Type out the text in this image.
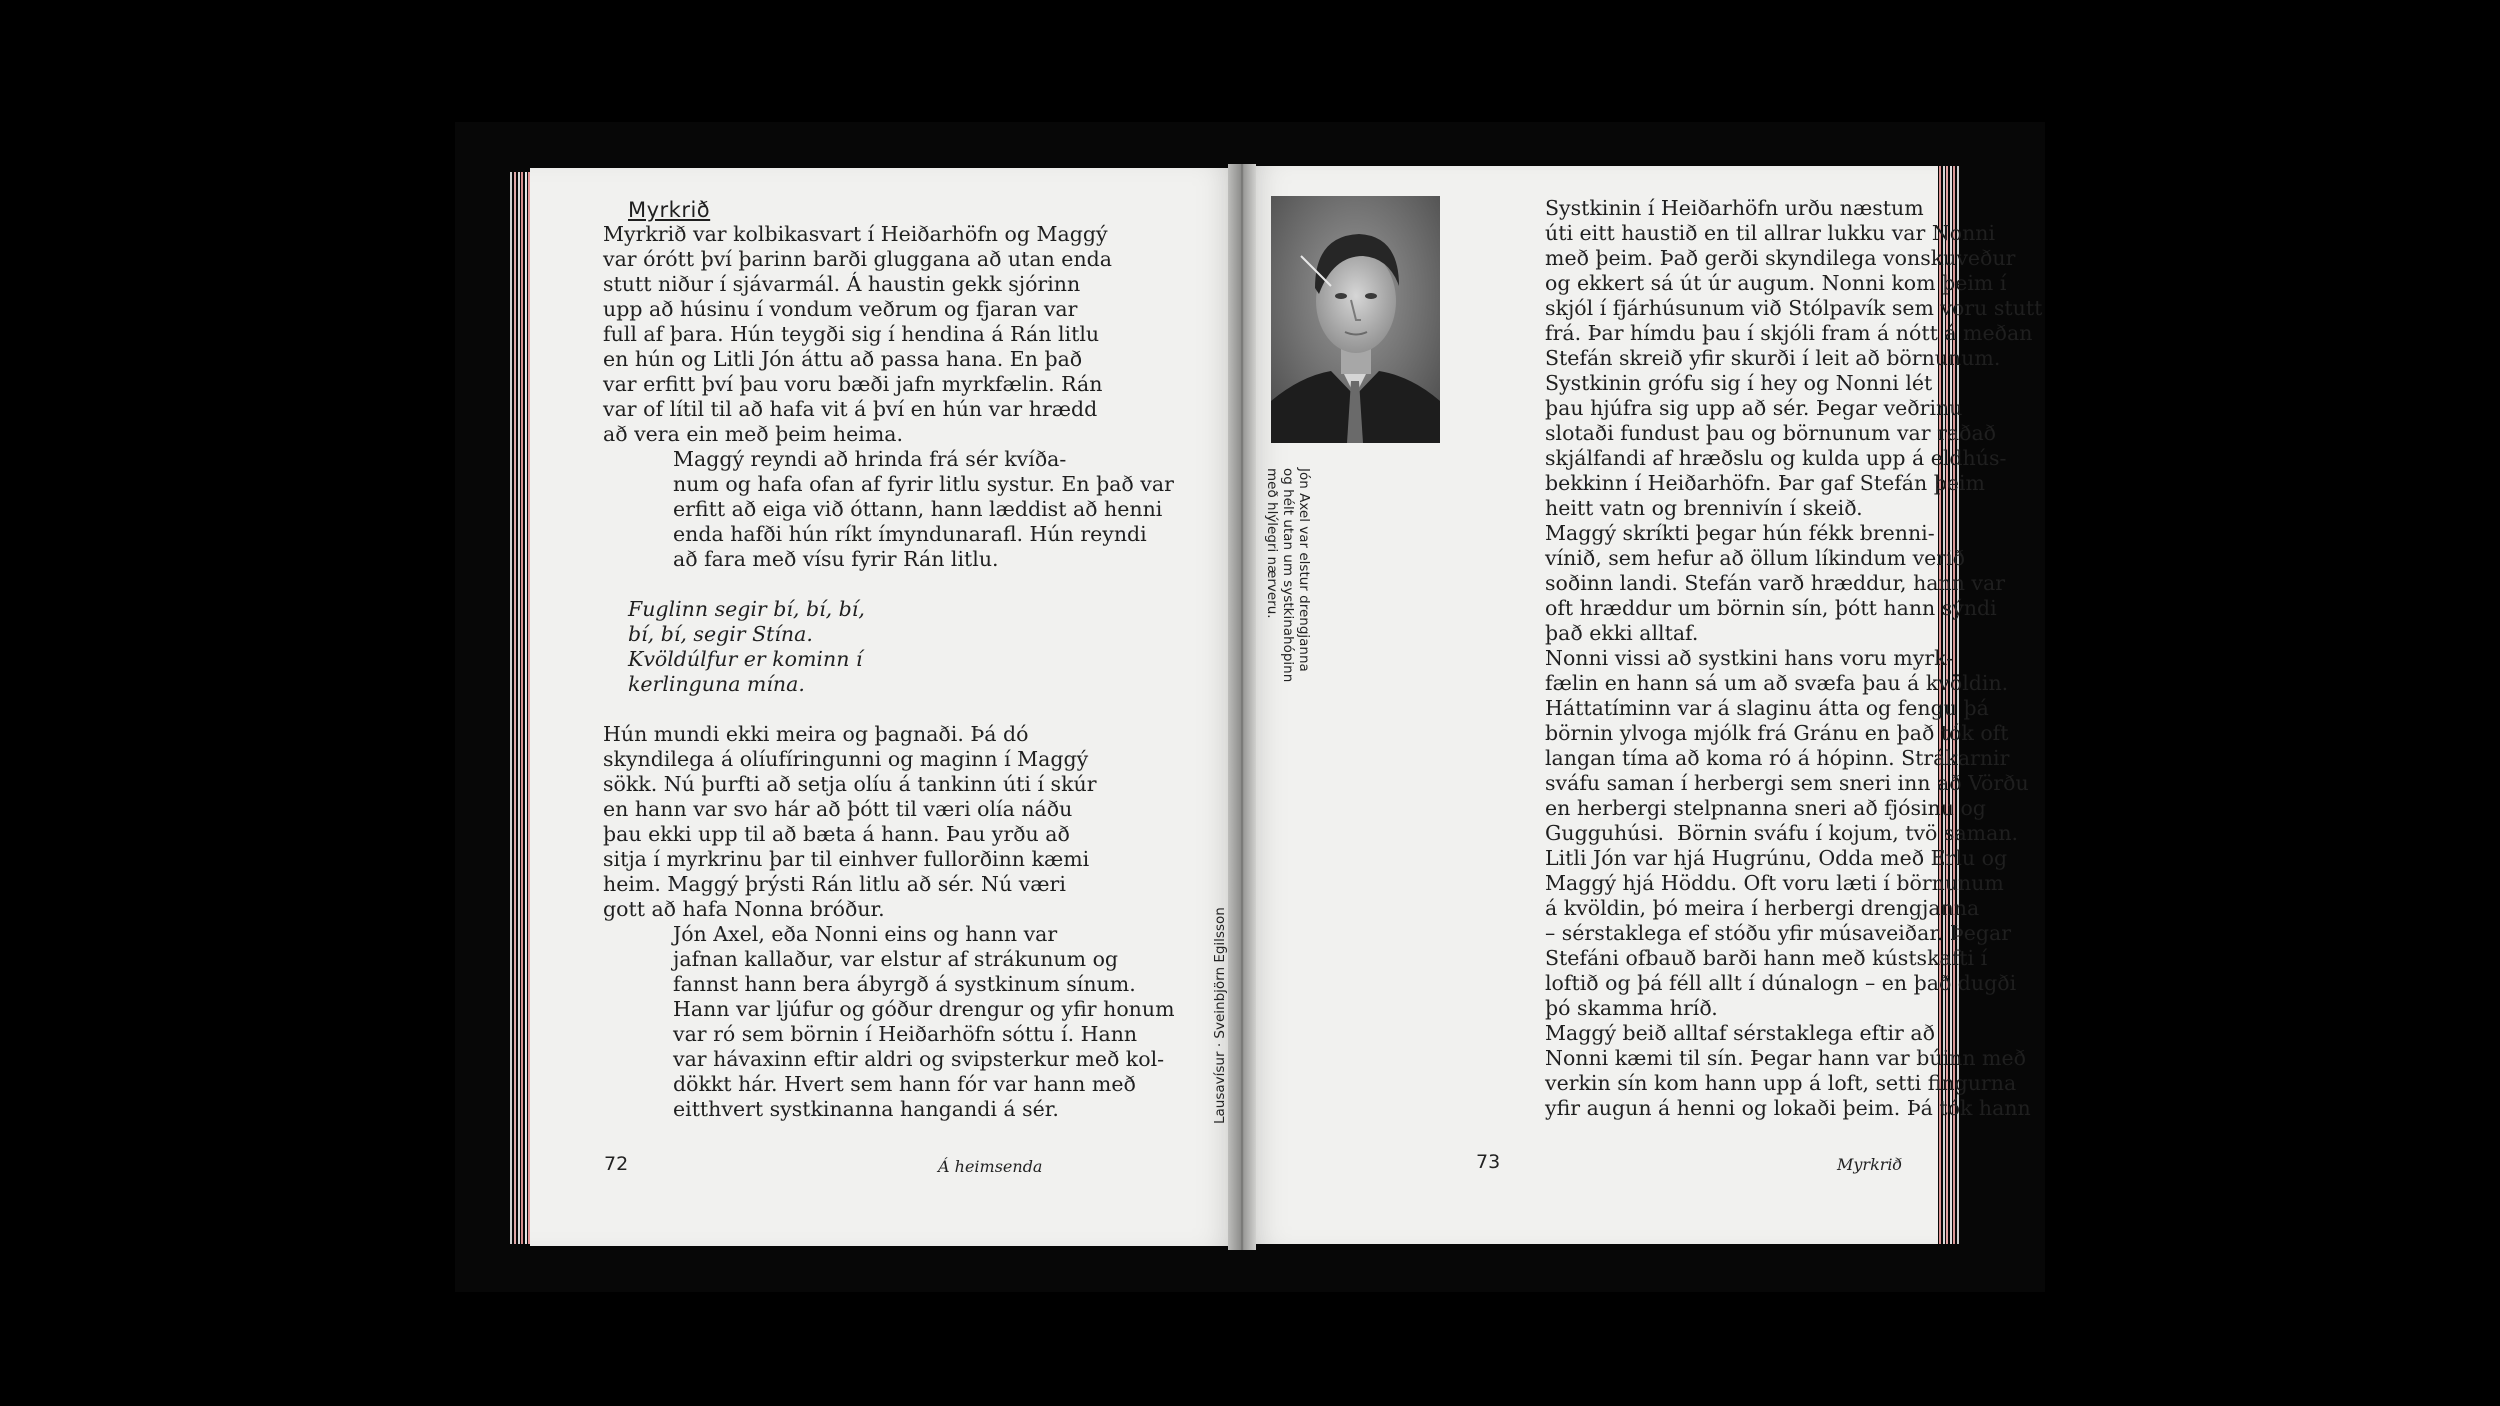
Myrkrið

Myrkrið var kolbikasvart í Heiðarhöfn og Maggý
var órótt því þarinn barði gluggana að utan enda
stutt niður í sjávarmál. Á haustin gekk sjórinn
upp að húsinu í vondum veðrum og fjaran var
full af þara. Hún teygði sig í hendina á Rán litlu
en hún og Litli Jón áttu að passa hana. En það
var erfitt því þau voru bæði jafn myrkfælin. Rán
var of lítil til að hafa vit á því en hún var hrædd
að vera ein með þeim heima.

Maggý reyndi að hrinda frá sér kvíða-
num og hafa ofan af fyrir litlu systur. En það var
erfitt að eiga við óttann, hann læddist að henni
enda hafði hún ríkt ímyndunarafl. Hún reyndi
að fara með vísu fyrir Rán litlu.

Fuglinn segir bí, bí, bí,
bí, bí, segir Stína.
Kvöldúlfur er kominn í
kerlinguna mína.

Hún mundi ekki meira og þagnaði. Þá dó
skyndilega á olíufíringunni og maginn í Maggý
sökk. Nú þurfti að setja olíu á tankinn úti í skúr
en hann var svo hár að þótt til væri olía náðu
þau ekki upp til að bæta á hann. Þau yrðu að
sitja í myrkrinu þar til einhver fullorðinn kæmi
heim. Maggý þrýsti Rán litlu að sér. Nú væri
gott að hafa Nonna bróður.

Jón Axel, eða Nonni eins og hann var
jafnan kallaður, var elstur af strákunum og
fannst hann bera ábyrgð á systkinum sínum.
Hann var ljúfur og góður drengur og yfir honum
var ró sem börnin í Heiðarhöfn sóttu í. Hann
var hávaxinn eftir aldri og svipsterkur með kol-
dökkt hár. Hvert sem hann fór var hann með
eitthvert systkinanna hangandi á sér.

72	Á heimsenda
Lausavísur · Sveinbjörn Egilsson
Jón Axel var elstur drengjanna
og hélt utan um systkinahópinn
með hlýlegri nærveru.

Systkinin í Heiðarhöfn urðu næstum
úti eitt haustið en til allrar lukku var Nonni
með þeim. Það gerði skyndilega vonskuveður
og ekkert sá út úr augum. Nonni kom þeim í
skjól í fjárhúsunum við Stólpavík sem voru stutt
frá. Þar hímdu þau í skjóli fram á nótt á meðan
Stefán skreið yfir skurði í leit að börnunum.

Systkinin grófu sig í hey og Nonni lét
þau hjúfra sig upp að sér. Þegar veðrinu
slotaði fundust þau og börnunum var raðað
skjálfandi af hræðslu og kulda upp á eldhús-
bekkinn í Heiðarhöfn. Þar gaf Stefán þeim
heitt vatn og brennivín í skeið.

Maggý skríkti þegar hún fékk brenni-
vínið, sem hefur að öllum líkindum verið
soðinn landi. Stefán varð hræddur, hann var
oft hræddur um börnin sín, þótt hann sýndi
það ekki alltaf.

Nonni vissi að systkini hans voru myrk-
fælin en hann sá um að svæfa þau á kvöldin.
Háttatíminn var á slaginu átta og fengu þá
börnin ylvoga mjólk frá Gránu en það tók oft
langan tíma að koma ró á hópinn. Strákarnir
sváfu saman í herbergi sem sneri inn að Vörðu
en herbergi stelpnanna sneri að fjósinu og
Gugguhúsi.  Börnin sváfu í kojum, tvö saman.
Litli Jón var hjá Hugrúnu, Odda með Erlu og
Maggý hjá Höddu. Oft voru læti í börnunum
á kvöldin, þó meira í herbergi drengjanna
– sérstaklega ef stóðu yfir músaveiðar. Þegar
Stefáni ofbauð barði hann með kústskafti í
loftið og þá féll allt í dúnalogn – en það dugði
þó skamma hríð.

Maggý beið alltaf sérstaklega eftir að
Nonni kæmi til sín. Þegar hann var búinn með
verkin sín kom hann upp á loft, setti fingurna
yfir augun á henni og lokaði þeim. Þá tók hann

73	Myrkrið
